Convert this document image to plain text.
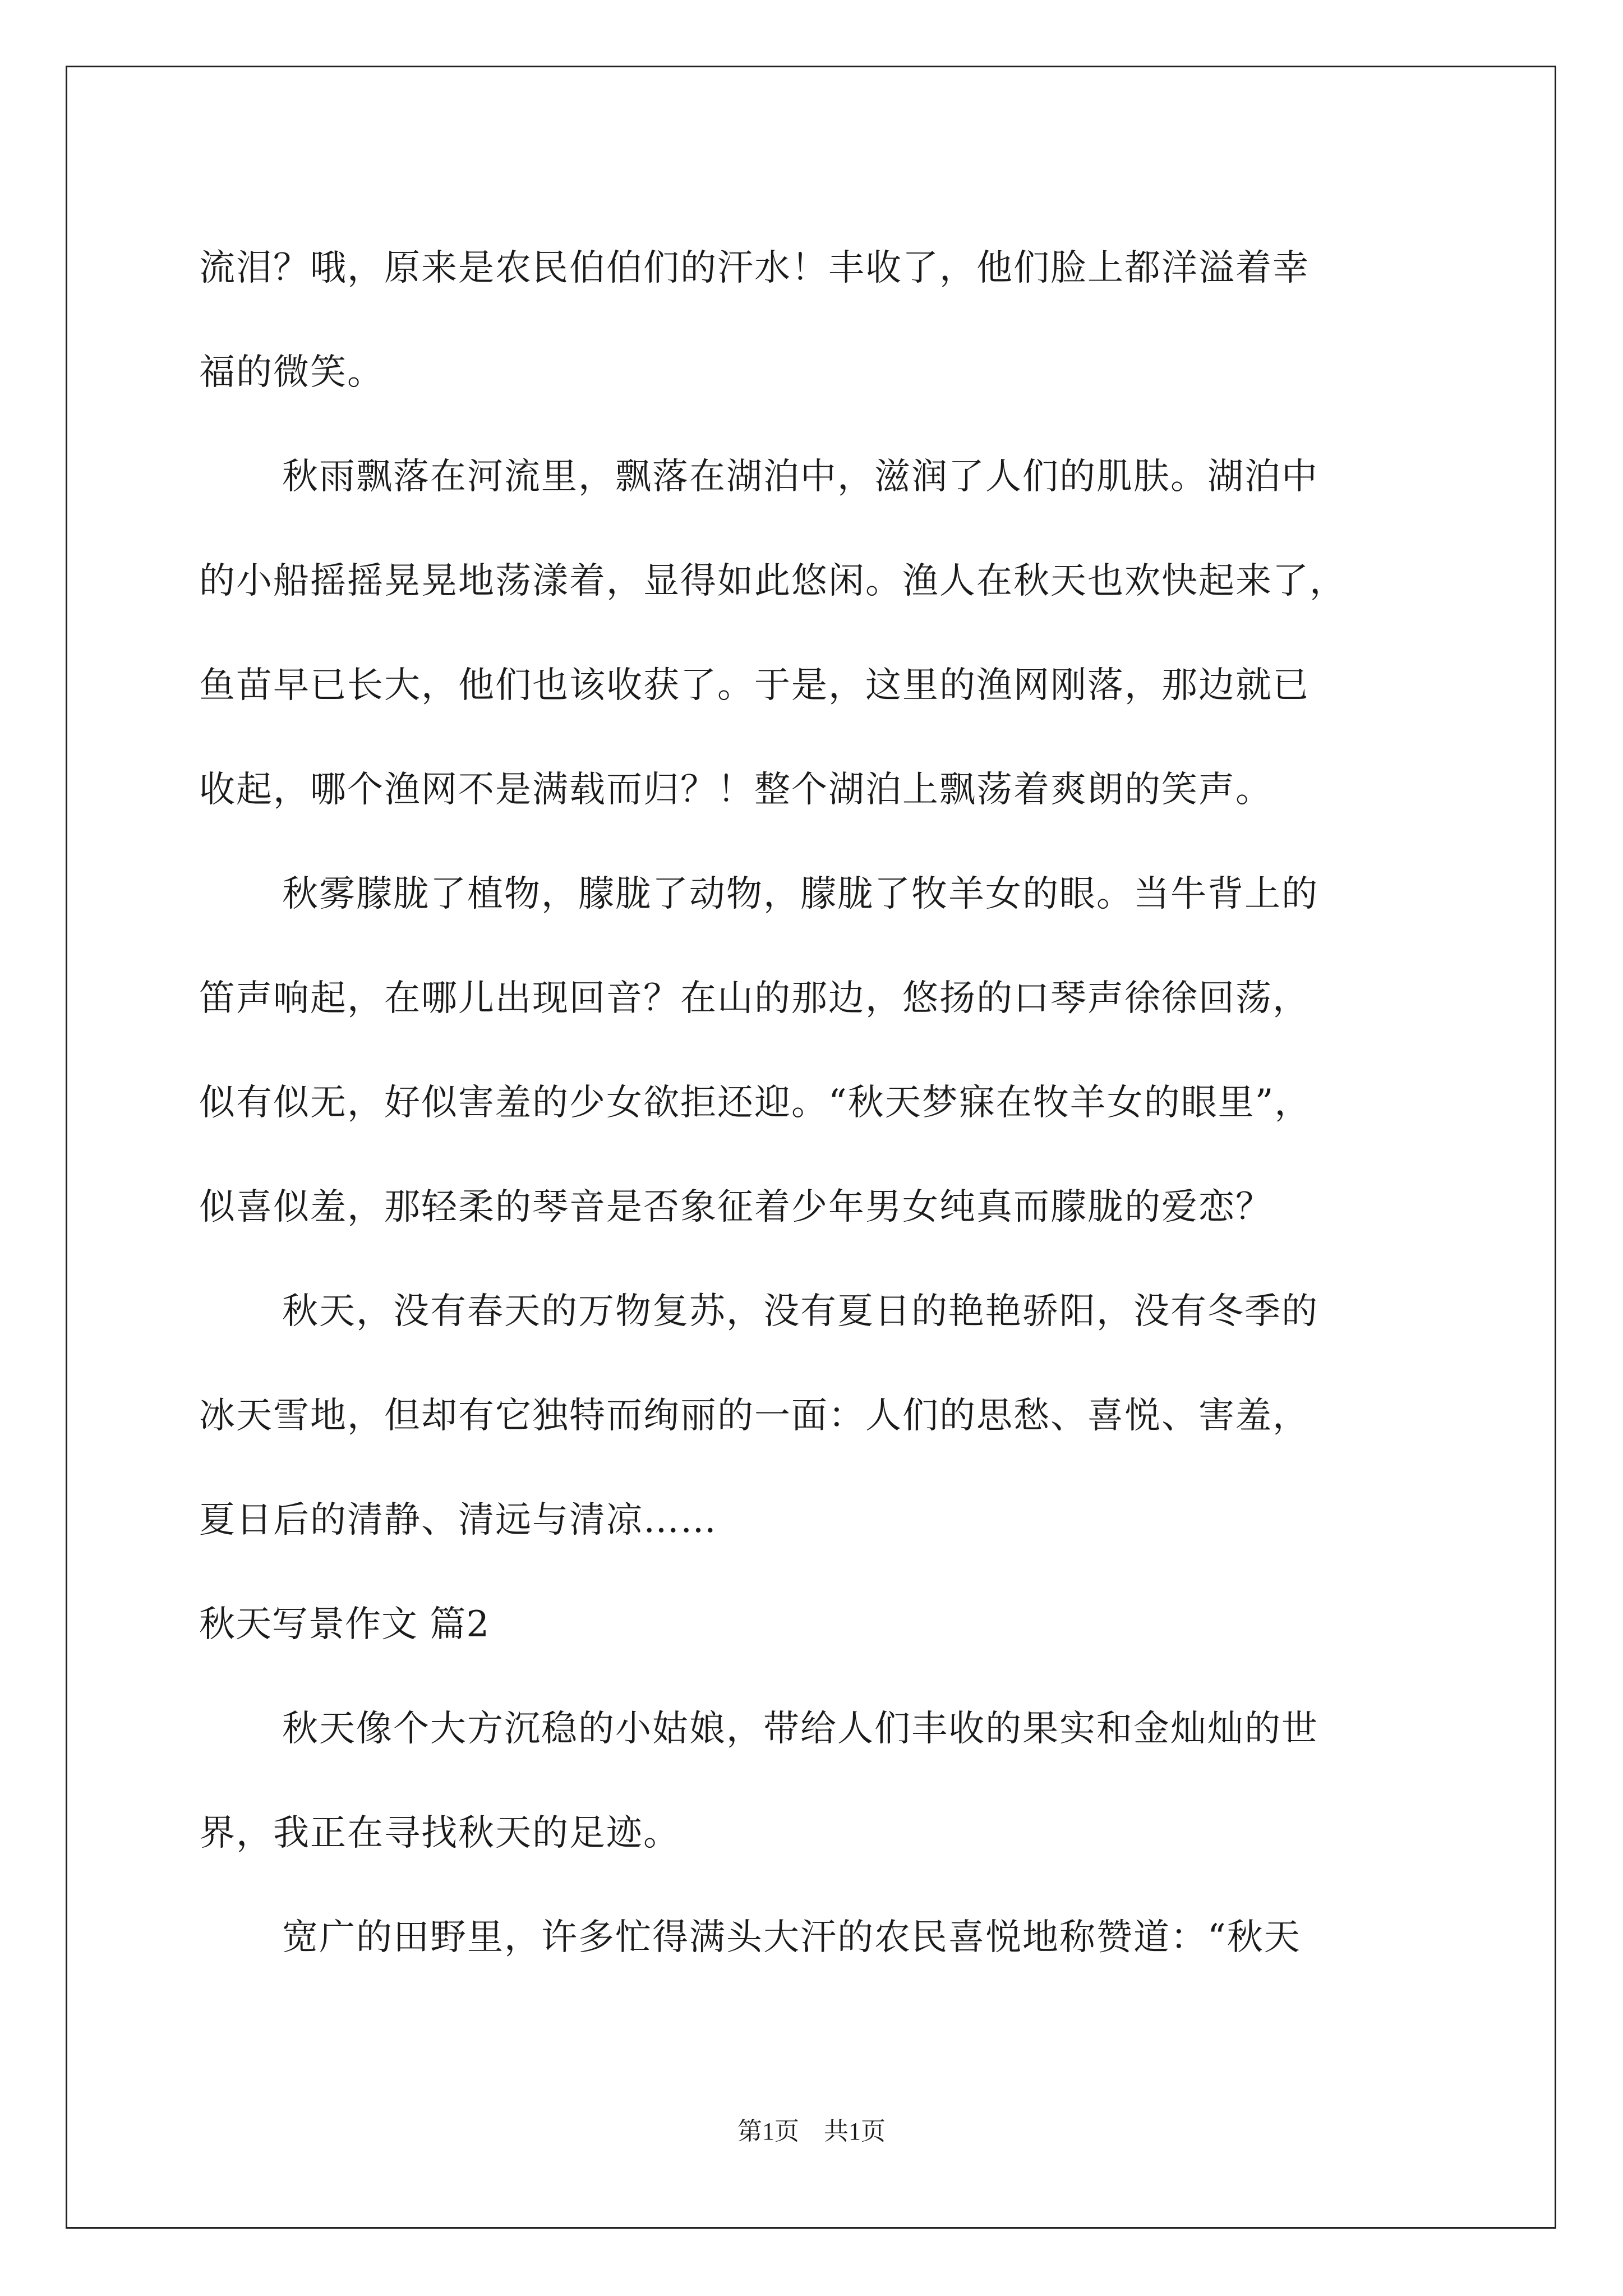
流泪？哦，原来是农民伯伯们的汗水！丰收了，他们脸上都洋溢着幸
福的微笑。
秋雨飘落在河流里，飘落在湖泊中，滋润了人们的肌肤。湖泊中
的小船摇摇晃晃地荡漾着，显得如此悠闲。渔人在秋天也欢快起来了，
鱼苗早已长大，他们也该收获了。于是，这里的渔网刚落，那边就已
收起，哪个渔网不是满载而归？！整个湖泊上飘荡着爽朗的笑声。
秋雾朦胧了植物，朦胧了动物，朦胧了牧羊女的眼。当牛背上的
笛声响起，在哪儿出现回音？在山的那边，悠扬的口琴声徐徐回荡，
似有似无，好似害羞的少女欲拒还迎。“秋天梦寐在牧羊女的眼里”，
似喜似羞，那轻柔的琴音是否象征着少年男女纯真而朦胧的爱恋？
秋天，没有春天的万物复苏，没有夏日的艳艳骄阳，没有冬季的
冰天雪地，但却有它独特而绚丽的一面：人们的思愁、喜悦、害羞，
夏日后的清静、清远与清凉……
秋天写景作文 篇2
秋天像个大方沉稳的小姑娘，带给人们丰收的果实和金灿灿的世
界，我正在寻找秋天的足迹。
宽广的田野里，许多忙得满头大汗的农民喜悦地称赞道：“秋天
第1页　共1页
